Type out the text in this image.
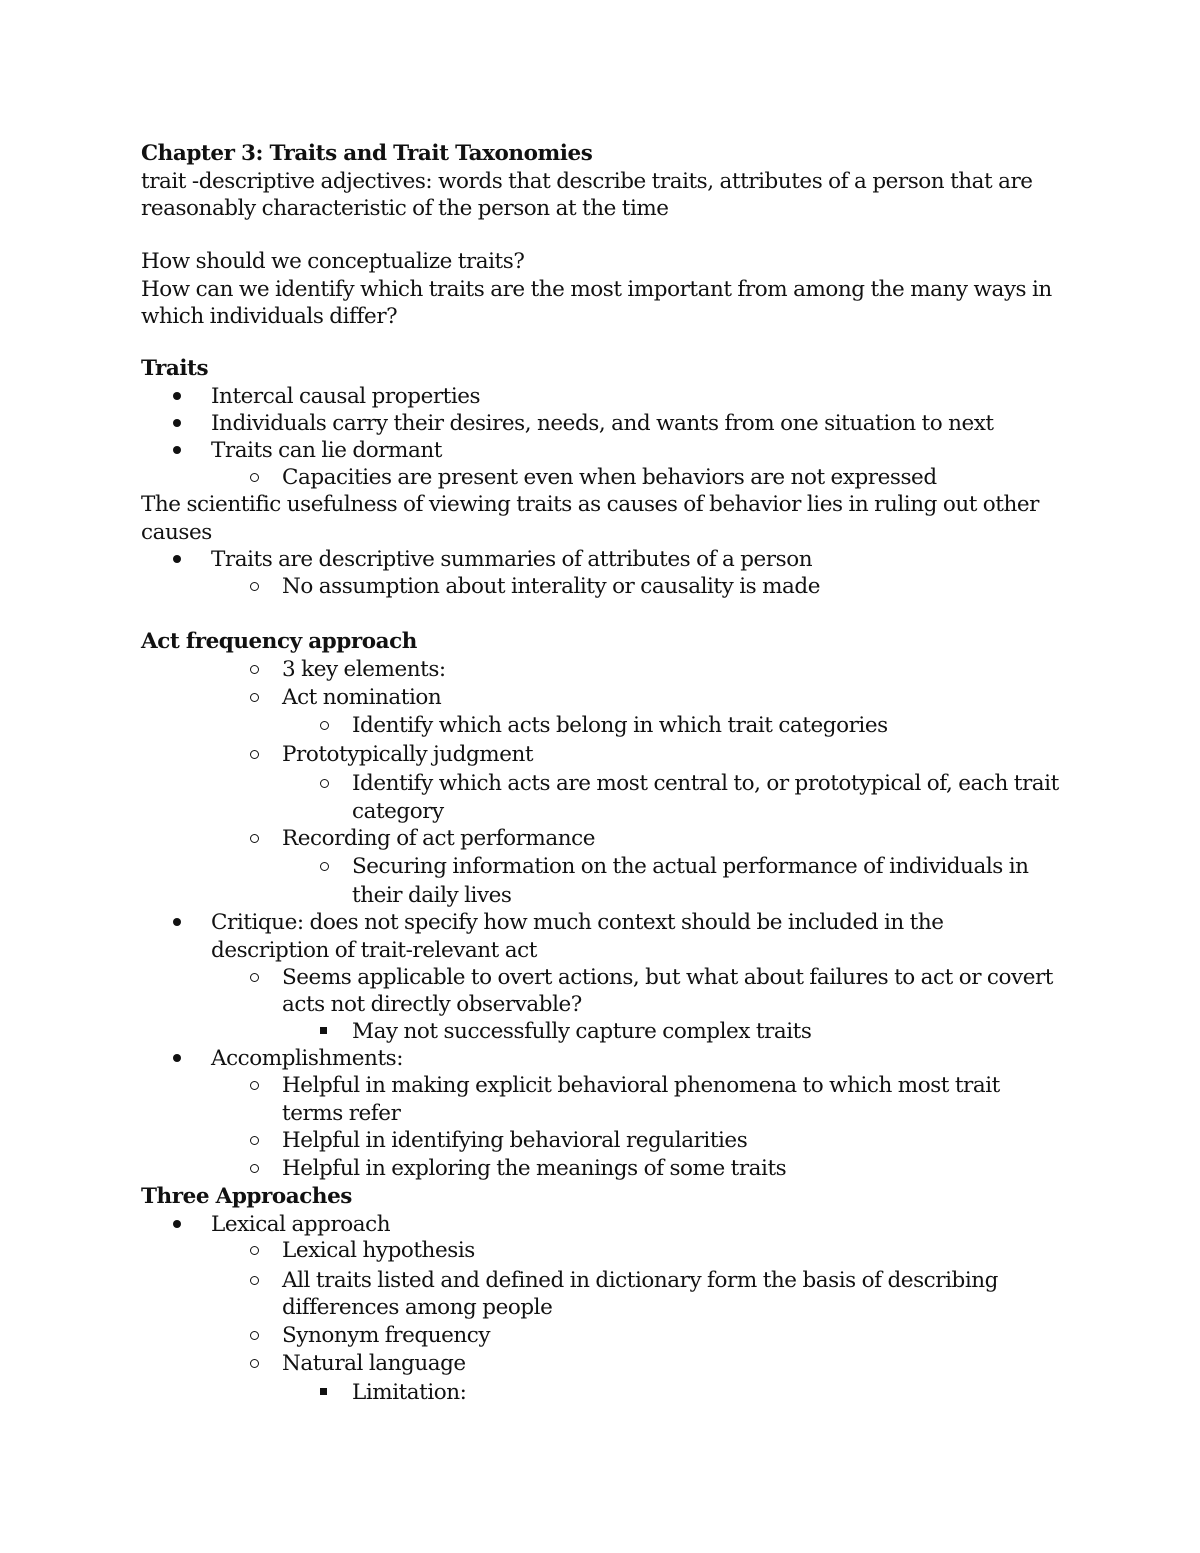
Chapter 3: Traits and Trait Taxonomies
trait -descriptive adjectives: words that describe traits, attributes of a person that are
reasonably characteristic of the person at the time
How should we conceptualize traits?
How can we identify which traits are the most important from among the many ways in
which individuals differ?
Traits
Intercal causal properties
Individuals carry their desires, needs, and wants from one situation to next
Traits can lie dormant
Capacities are present even when behaviors are not expressed
The scientific usefulness of viewing traits as causes of behavior lies in ruling out other
causes
Traits are descriptive summaries of attributes of a person
No assumption about interality or causality is made
Act frequency approach
3 key elements:
Act nomination
Identify which acts belong in which trait categories
Prototypically judgment
Identify which acts are most central to, or prototypical of, each trait
category
Recording of act performance
Securing information on the actual performance of individuals in
their daily lives
Critique: does not specify how much context should be included in the
description of trait-relevant act
Seems applicable to overt actions, but what about failures to act or covert
acts not directly observable?
May not successfully capture complex traits
Accomplishments:
Helpful in making explicit behavioral phenomena to which most trait
terms refer
Helpful in identifying behavioral regularities
Helpful in exploring the meanings of some traits
Three Approaches
Lexical approach
Lexical hypothesis
All traits listed and defined in dictionary form the basis of describing
differences among people
Synonym frequency
Natural language
Limitation:
